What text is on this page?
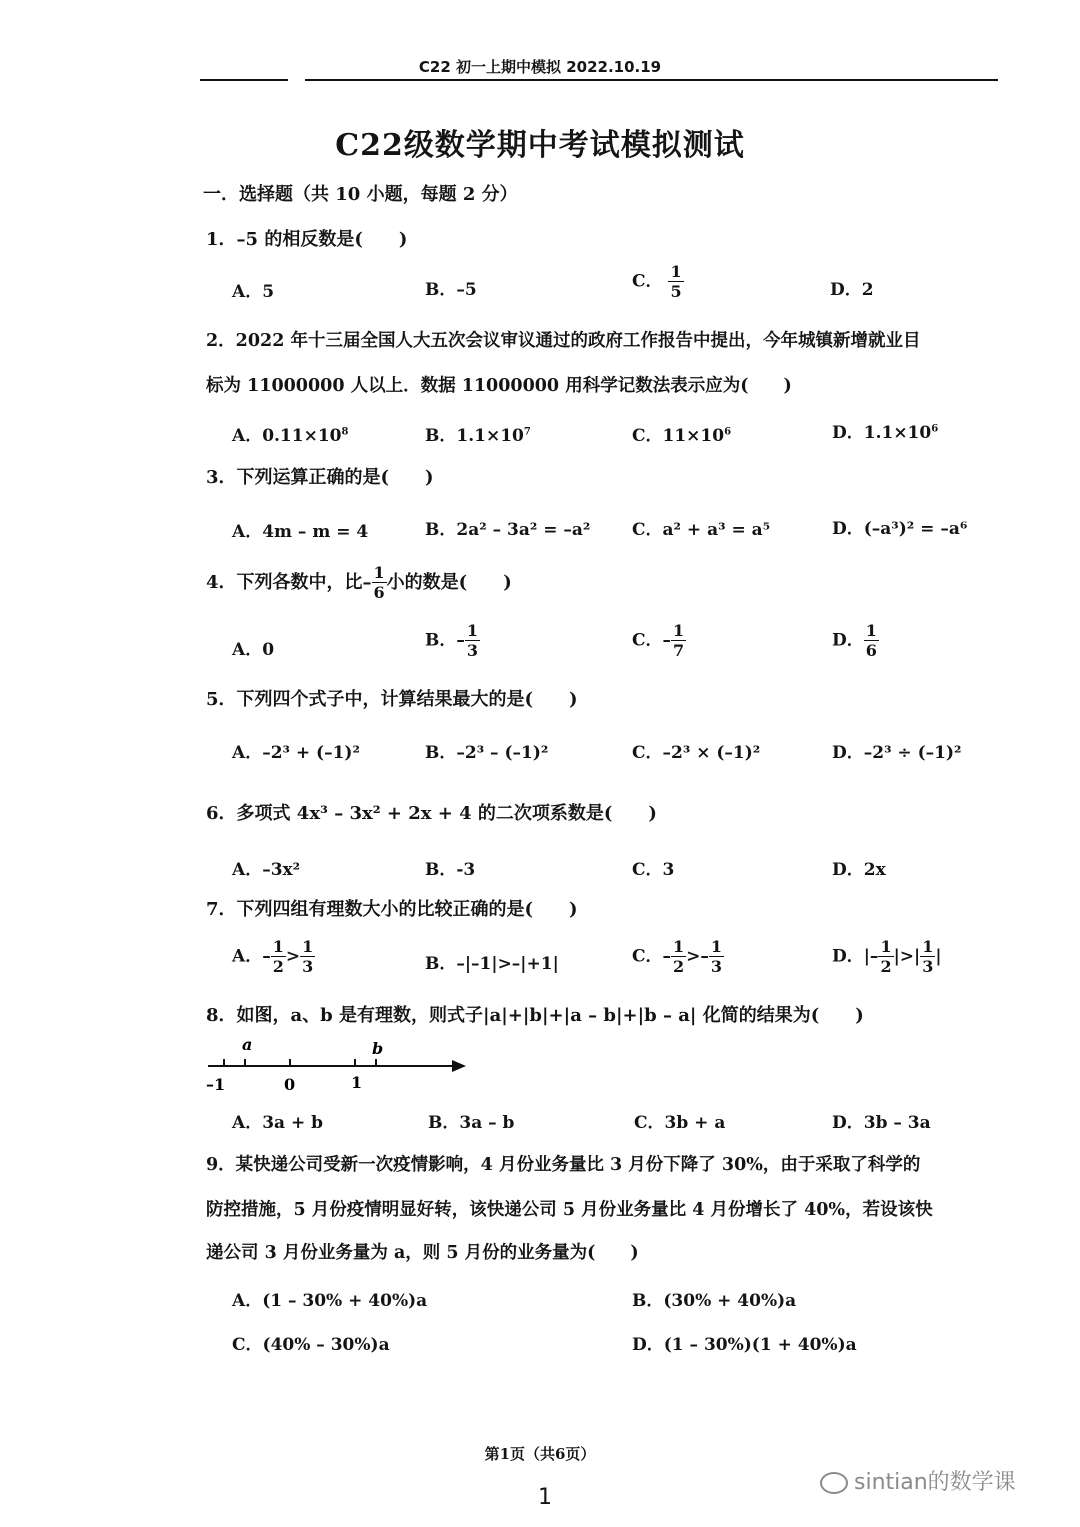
C22 初一上期中模拟 2022.10.19
C22级数学期中考试模拟测试
一．选择题（共 10 小题，每题 2 分）
1．–5 的相反数是(　　)
A．5	B．–5	C． $\frac{1}{5}$	D．2
2．2022 年十三届全国人大五次会议审议通过的政府工作报告中提出，今年城镇新增就业目
标为 11000000 人以上．数据 11000000 用科学记数法表示应为(　　)
A．$0.11\times 10^8$	B．$1.1\times 10^7$	C．$11\times 10^6$	D．$1.1\times 10^6$
3．下列运算正确的是(　　)
A．4m – m = 4	B．2a² – 3a² = –a² C．a² + a³ = a⁵	D．(–a³)² = –a⁶
4．下列各数中，比– $\frac{1}{6}$ 小的数是(　　)
A．0	B．– $\frac{1}{3}$	C．– $\frac{1}{7}$	D． $\frac{1}{6}$
5．下列四个式子中，计算结果最大的是(　　)
A．–2³ + (–1)²	B．–2³ – (–1)²	C．–2³ × (–1)²	D．–2³ ÷ (–1)²
6．多项式 4x³ – 3x² + 2x + 4 的二次项系数是(　　)
A．–3x²	B．-3	C．3	D．2x
7．下列四组有理数大小的比较正确的是(　　)
A．– $\frac{1}{2} > \frac{1}{3}$	B．–|–1|>–|+1|	C．– $\frac{1}{2} >- \frac{1}{3}$	D．|– $\frac{1}{2}$ |>| $\frac{1}{3}$ |
8．如图，a、b 是有理数，则式子|a|+|b|+|a – b|+|b – a| 化简的结果为(　　)
a	b
–1	0	1
A．3a + b	B．3a – b	C．3b + a	D．3b – 3a
9．某快递公司受新一次疫情影响，4 月份业务量比 3 月份下降了 30%，由于采取了科学的
防控措施，5 月份疫情明显好转，该快递公司 5 月份业务量比 4 月份增长了 40%，若设该快
递公司 3 月份业务量为 a，则 5 月份的业务量为(　　)
A．(1 – 30% + 40%)a	B．(30% + 40%)a
C．(40% – 30%)a	D．(1 – 30%)(1 + 40%)a
第1页（共6页）
1
sintian的数学课
